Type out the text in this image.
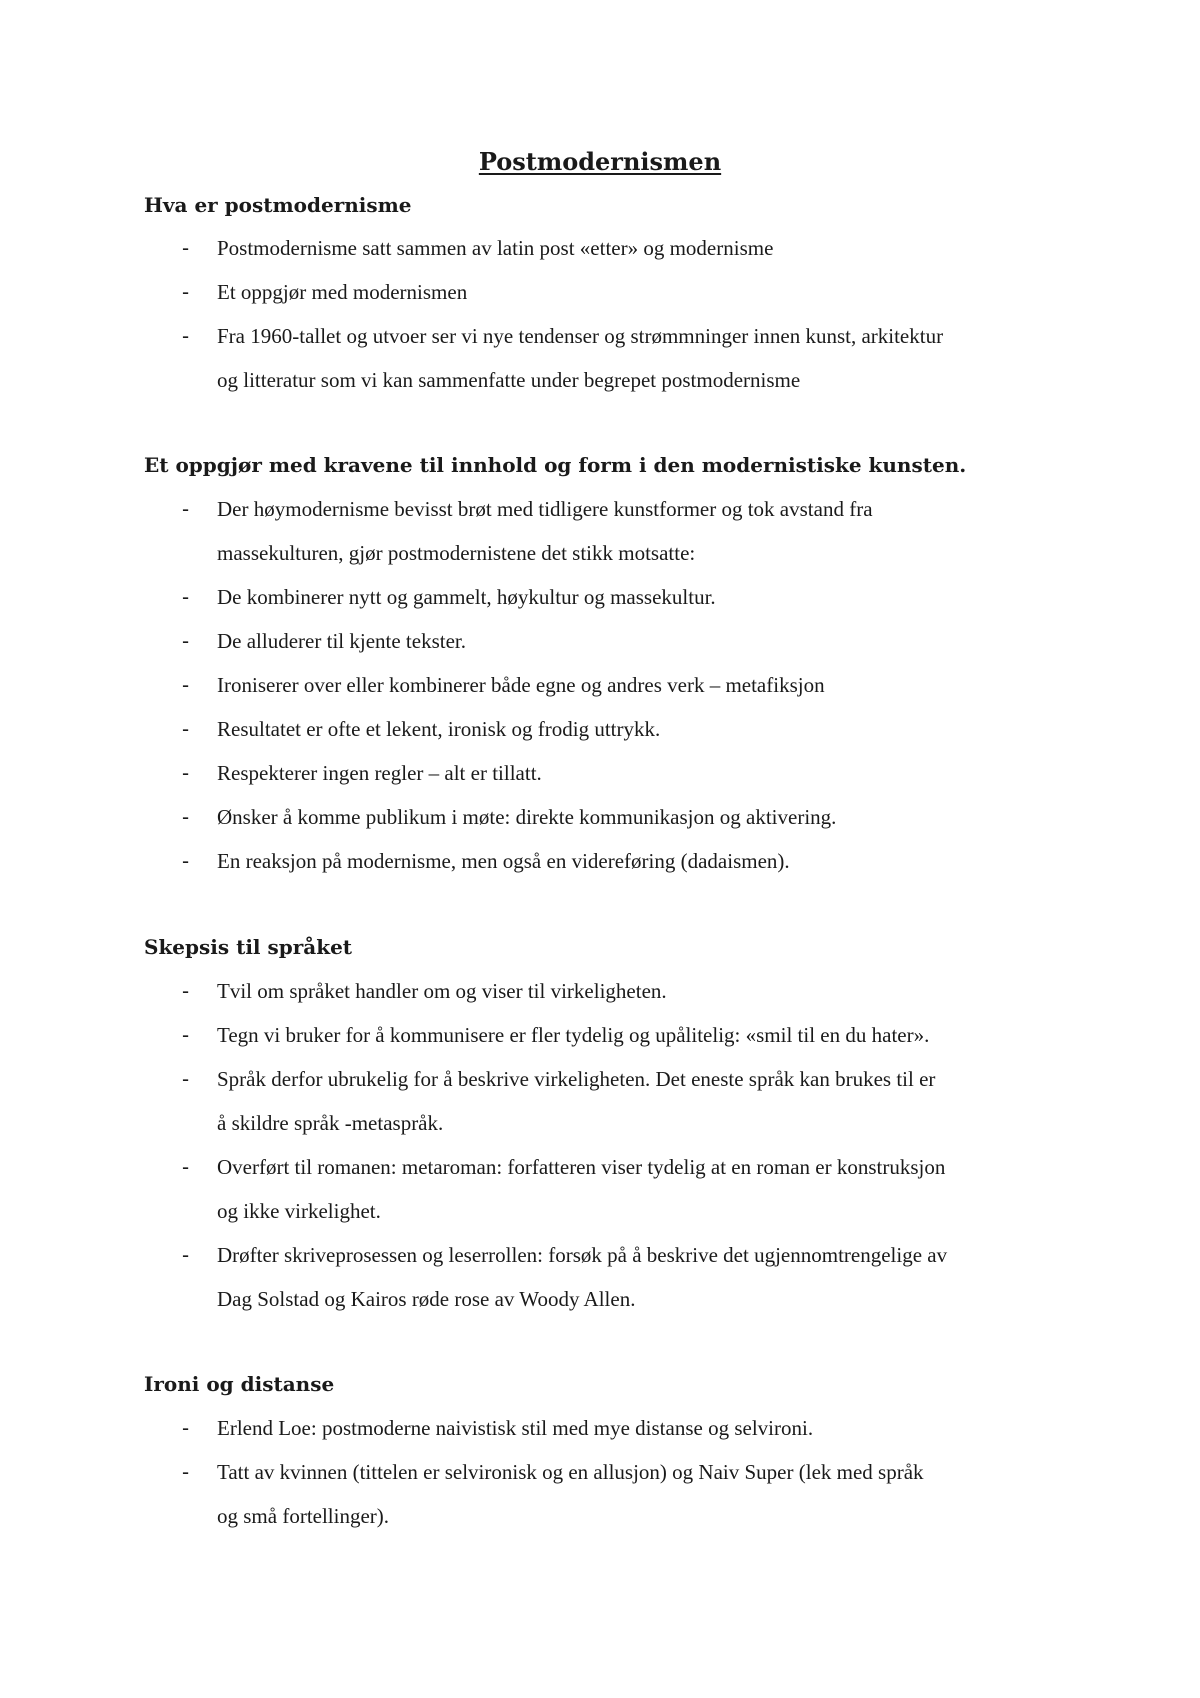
Postmodernismen
Hva er postmodernisme
- Postmodernisme satt sammen av latin post «etter» og modernisme
- Et oppgjør med modernismen
- Fra 1960-tallet og utvoer ser vi nye tendenser og strømmninger innen kunst, arkitektur
og litteratur som vi kan sammenfatte under begrepet postmodernisme
Et oppgjør med kravene til innhold og form i den modernistiske kunsten.
- Der høymodernisme bevisst brøt med tidligere kunstformer og tok avstand fra
massekulturen, gjør postmodernistene det stikk motsatte:
- De kombinerer nytt og gammelt, høykultur og massekultur.
- De alluderer til kjente tekster.
- Ironiserer over eller kombinerer både egne og andres verk – metafiksjon
- Resultatet er ofte et lekent, ironisk og frodig uttrykk.
- Respekterer ingen regler – alt er tillatt.
- Ønsker å komme publikum i møte: direkte kommunikasjon og aktivering.
- En reaksjon på modernisme, men også en videreføring (dadaismen).
Skepsis til språket
- Tvil om språket handler om og viser til virkeligheten.
- Tegn vi bruker for å kommunisere er fler tydelig og upålitelig: «smil til en du hater».
- Språk derfor ubrukelig for å beskrive virkeligheten. Det eneste språk kan brukes til er
å skildre språk -metaspråk.
- Overført til romanen: metaroman: forfatteren viser tydelig at en roman er konstruksjon
og ikke virkelighet.
- Drøfter skriveprosessen og leserrollen: forsøk på å beskrive det ugjennomtrengelige av
Dag Solstad og Kairos røde rose av Woody Allen.
Ironi og distanse
- Erlend Loe: postmoderne naivistisk stil med mye distanse og selvironi.
- Tatt av kvinnen (tittelen er selvironisk og en allusjon) og Naiv Super (lek med språk
og små fortellinger).
